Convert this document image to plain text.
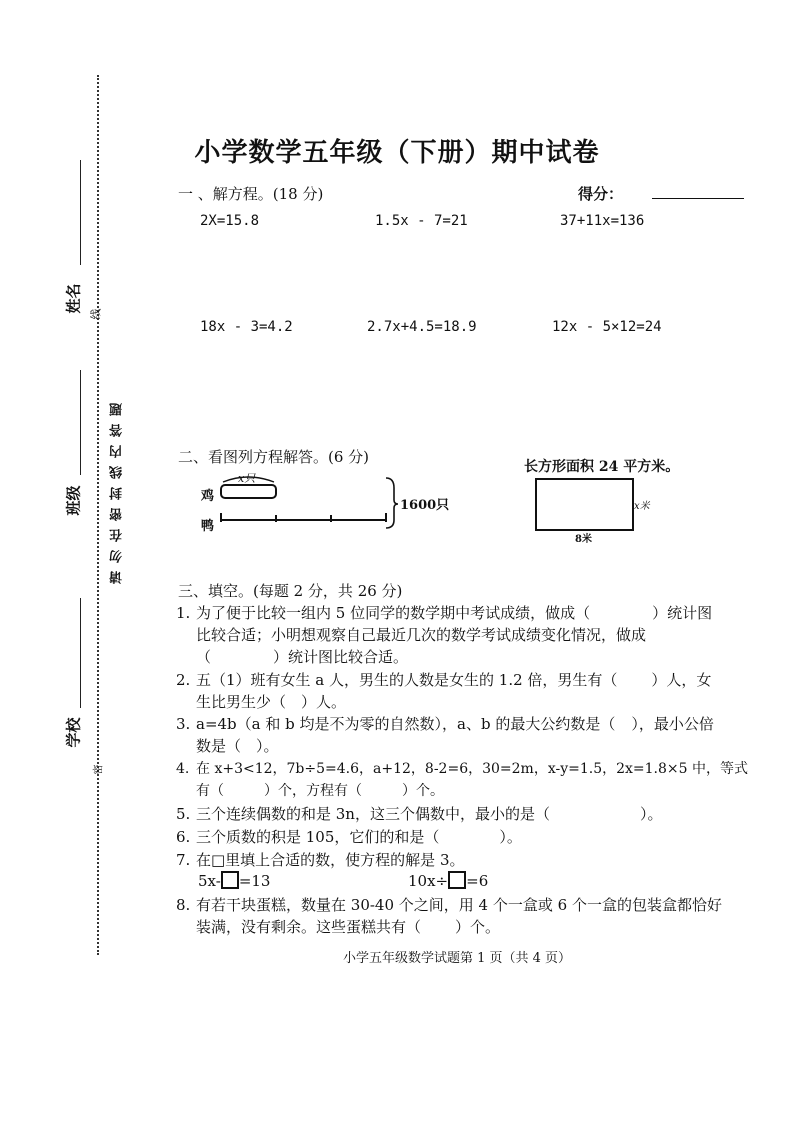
姓名
线
班级
学校
密
请勿在密封线内答题
小学数学五年级（下册）期中试卷
一 、解方程。(18 分)	得分：
2X=15.8	1.5x - 7=21	37+11x=136
18x - 3=4.2	2.7x+4.5=18.9	12x - 5×12=24
二、看图列方程解答。(6 分)
鸡
鸭
x只
1600只
长方形面积 24 平方米。
x米
8米
三、填空。(每题 2 分，共 26 分)
1. 为了便于比较一组内 5 位同学的数学期中考试成绩，做成（	）统计图
比较合适；小明想观察自己最近几次的数学考试成绩变化情况，做成
（	）统计图比较合适。
2. 五（1）班有女生 a 人，男生的人数是女生的 1.2 倍，男生有（ ）人，女
生比男生少（　）人。
3. a=4b（a 和 b 均是不为零的自然数），a、b 的最大公约数是（ ），最小公倍
数是（　）。
4. 在 x+3<12，7b÷5=4.6，a+12，8-2=6，30=2m，x-y=1.5，2x=1.8×5 中，等式
有（	）个，方程有（	）个。
5. 三个连续偶数的和是 3n，这三个偶数中，最小的是（	）。
6. 三个质数的积是 105，它们的和是（	）。
7. 在□里填上合适的数，使方程的解是 3。
5x- =13	10x÷ =6
8. 有若干块蛋糕，数量在 30-40 个之间，用 4 个一盒或 6 个一盒的包装盒都恰好
装满，没有剩余。这些蛋糕共有（ ）个。
小学五年级数学试题第 1 页（共 4 页）
